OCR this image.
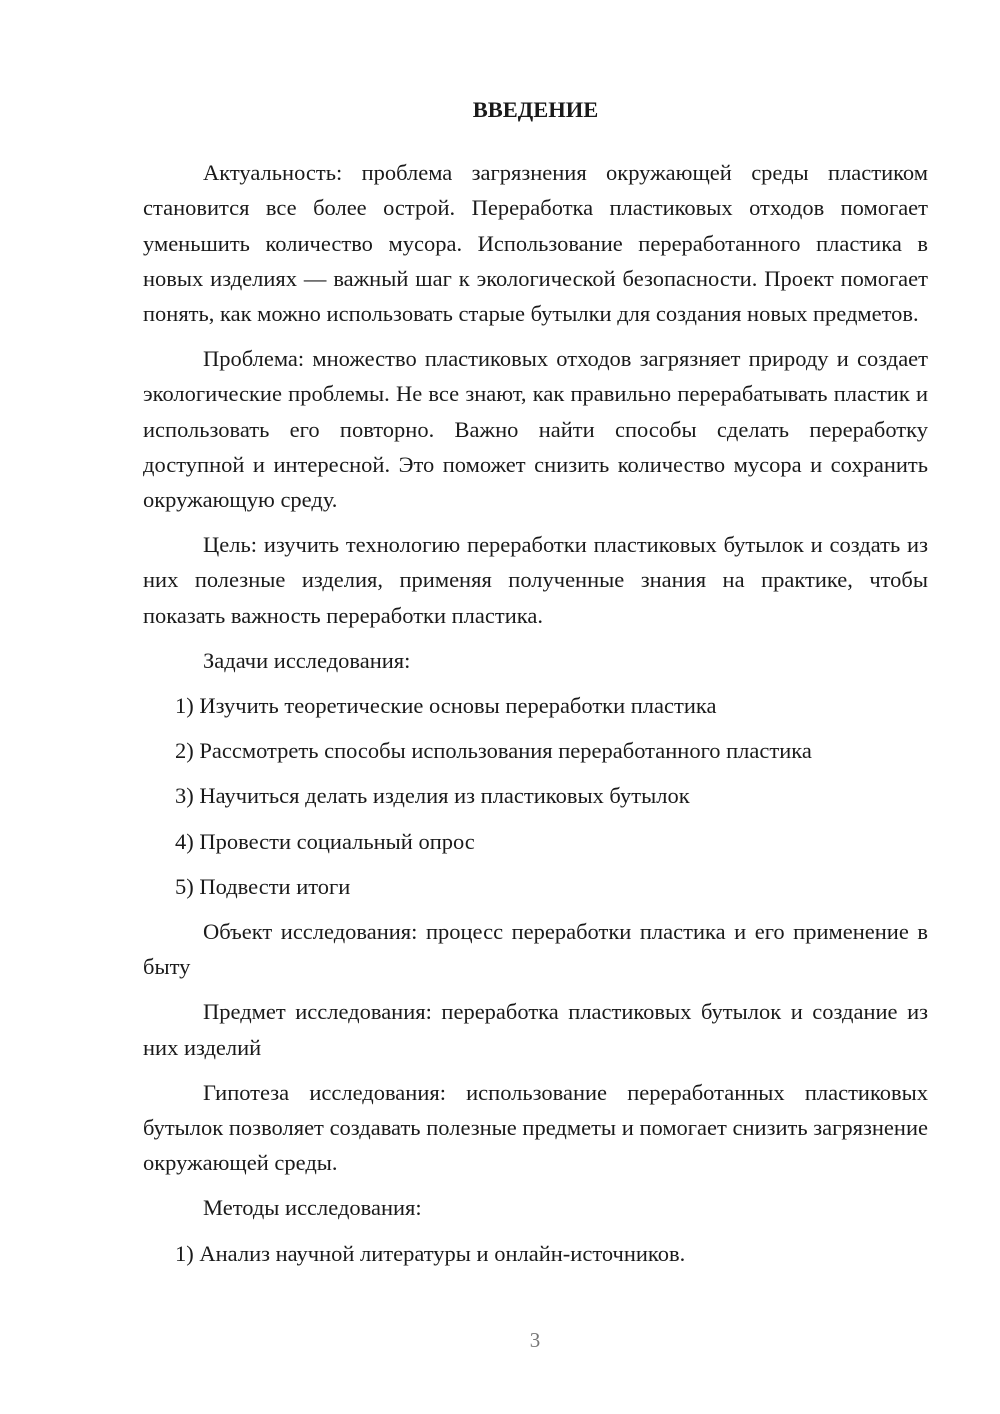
ВВЕДЕНИЕ

Актуальность: проблема загрязнения окружающей среды пластиком становится все более острой. Переработка пластиковых отходов помогает уменьшить количество мусора. Использование переработанного пластика в новых изделиях — важный шаг к экологической безопасности. Проект помогает понять, как можно использовать старые бутылки для создания новых предметов.

Проблема: множество пластиковых отходов загрязняет природу и создает экологические проблемы. Не все знают, как правильно перерабатывать пластик и использовать его повторно. Важно найти способы сделать переработку доступной и интересной. Это поможет снизить количество мусора и сохранить окружающую среду.

Цель: изучить технологию переработки пластиковых бутылок и создать из них полезные изделия, применяя полученные знания на практике, чтобы показать важность переработки пластика.

Задачи исследования:

1) Изучить теоретические основы переработки пластика
2) Рассмотреть способы использования переработанного пластика
3) Научиться делать изделия из пластиковых бутылок
4) Провести социальный опрос
5) Подвести итоги

Объект исследования: процесс переработки пластика и его применение в быту

Предмет исследования: переработка пластиковых бутылок и создание из них изделий

Гипотеза исследования: использование переработанных пластиковых бутылок позволяет создавать полезные предметы и помогает снизить загрязнение окружающей среды.

Методы исследования:

1) Анализ научной литературы и онлайн-источников.
3
